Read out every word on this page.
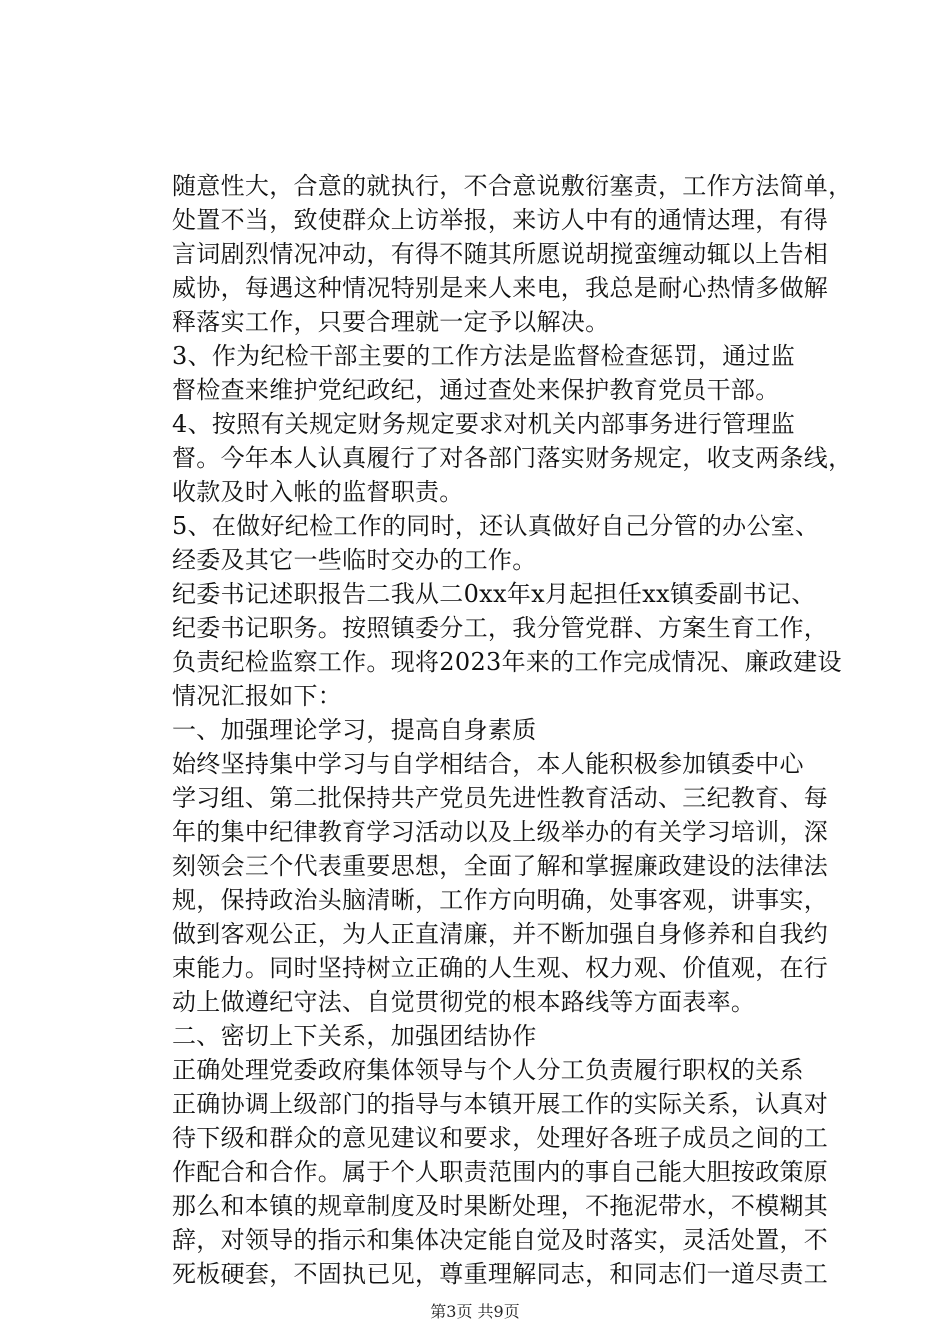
随意性大，合意的就执行，不合意说敷衍塞责，工作方法简单，
处置不当，致使群众上访举报，来访人中有的通情达理，有得
言词剧烈情况冲动，有得不随其所愿说胡搅蛮缠动辄以上告相
威协，每遇这种情况特别是来人来电，我总是耐心热情多做解
释落实工作，只要合理就一定予以解决。
3、作为纪检干部主要的工作方法是监督检查惩罚，通过监
督检查来维护党纪政纪，通过查处来保护教育党员干部。
4、按照有关规定财务规定要求对机关内部事务进行管理监
督。今年本人认真履行了对各部门落实财务规定，收支两条线，
收款及时入帐的监督职责。
5、在做好纪检工作的同时，还认真做好自己分管的办公室、
经委及其它一些临时交办的工作。
纪委书记述职报告二我从二0xx年x月起担任xx镇委副书记、
纪委书记职务。按照镇委分工，我分管党群、方案生育工作，
负责纪检监察工作。现将2023年来的工作完成情况、廉政建设
情况汇报如下：
一、加强理论学习，提高自身素质
始终坚持集中学习与自学相结合，本人能积极参加镇委中心
学习组、第二批保持共产党员先进性教育活动、三纪教育、每
年的集中纪律教育学习活动以及上级举办的有关学习培训，深
刻领会三个代表重要思想，全面了解和掌握廉政建设的法律法
规，保持政治头脑清晰，工作方向明确，处事客观，讲事实，
做到客观公正，为人正直清廉，并不断加强自身修养和自我约
束能力。同时坚持树立正确的人生观、权力观、价值观，在行
动上做遵纪守法、自觉贯彻党的根本路线等方面表率。
二、密切上下关系，加强团结协作
正确处理党委政府集体领导与个人分工负责履行职权的关系
正确协调上级部门的指导与本镇开展工作的实际关系，认真对
待下级和群众的意见建议和要求，处理好各班子成员之间的工
作配合和合作。属于个人职责范围内的事自己能大胆按政策原
那么和本镇的规章制度及时果断处理，不拖泥带水，不模糊其
辞，对领导的指示和集体决定能自觉及时落实，灵活处置，不
死板硬套，不固执已见，尊重理解同志，和同志们一道尽责工
第3页 共9页
